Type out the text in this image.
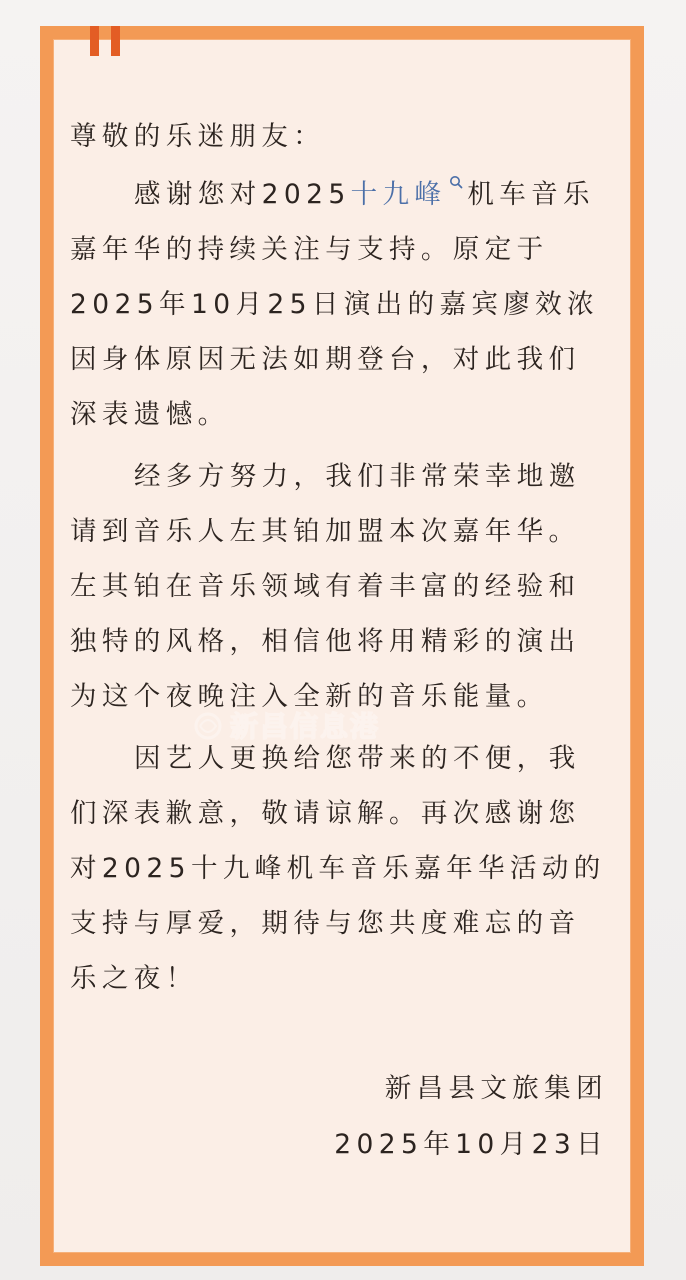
尊敬的乐迷朋友：
感谢您对2025十九峰 机车音乐
嘉年华的持续关注与支持。原定于
2025年10月25日演出的嘉宾廖效浓
因身体原因无法如期登台，对此我们
深表遗憾。
经多方努力，我们非常荣幸地邀
请到音乐人左其铂加盟本次嘉年华。
左其铂在音乐领域有着丰富的经验和
独特的风格，相信他将用精彩的演出
为这个夜晚注入全新的音乐能量。
因艺人更换给您带来的不便，我
们深表歉意，敬请谅解。再次感谢您
对2025十九峰机车音乐嘉年华活动的
支持与厚爱，期待与您共度难忘的音
乐之夜！
新昌县文旅集团
2025年10月23日
新昌信息港
